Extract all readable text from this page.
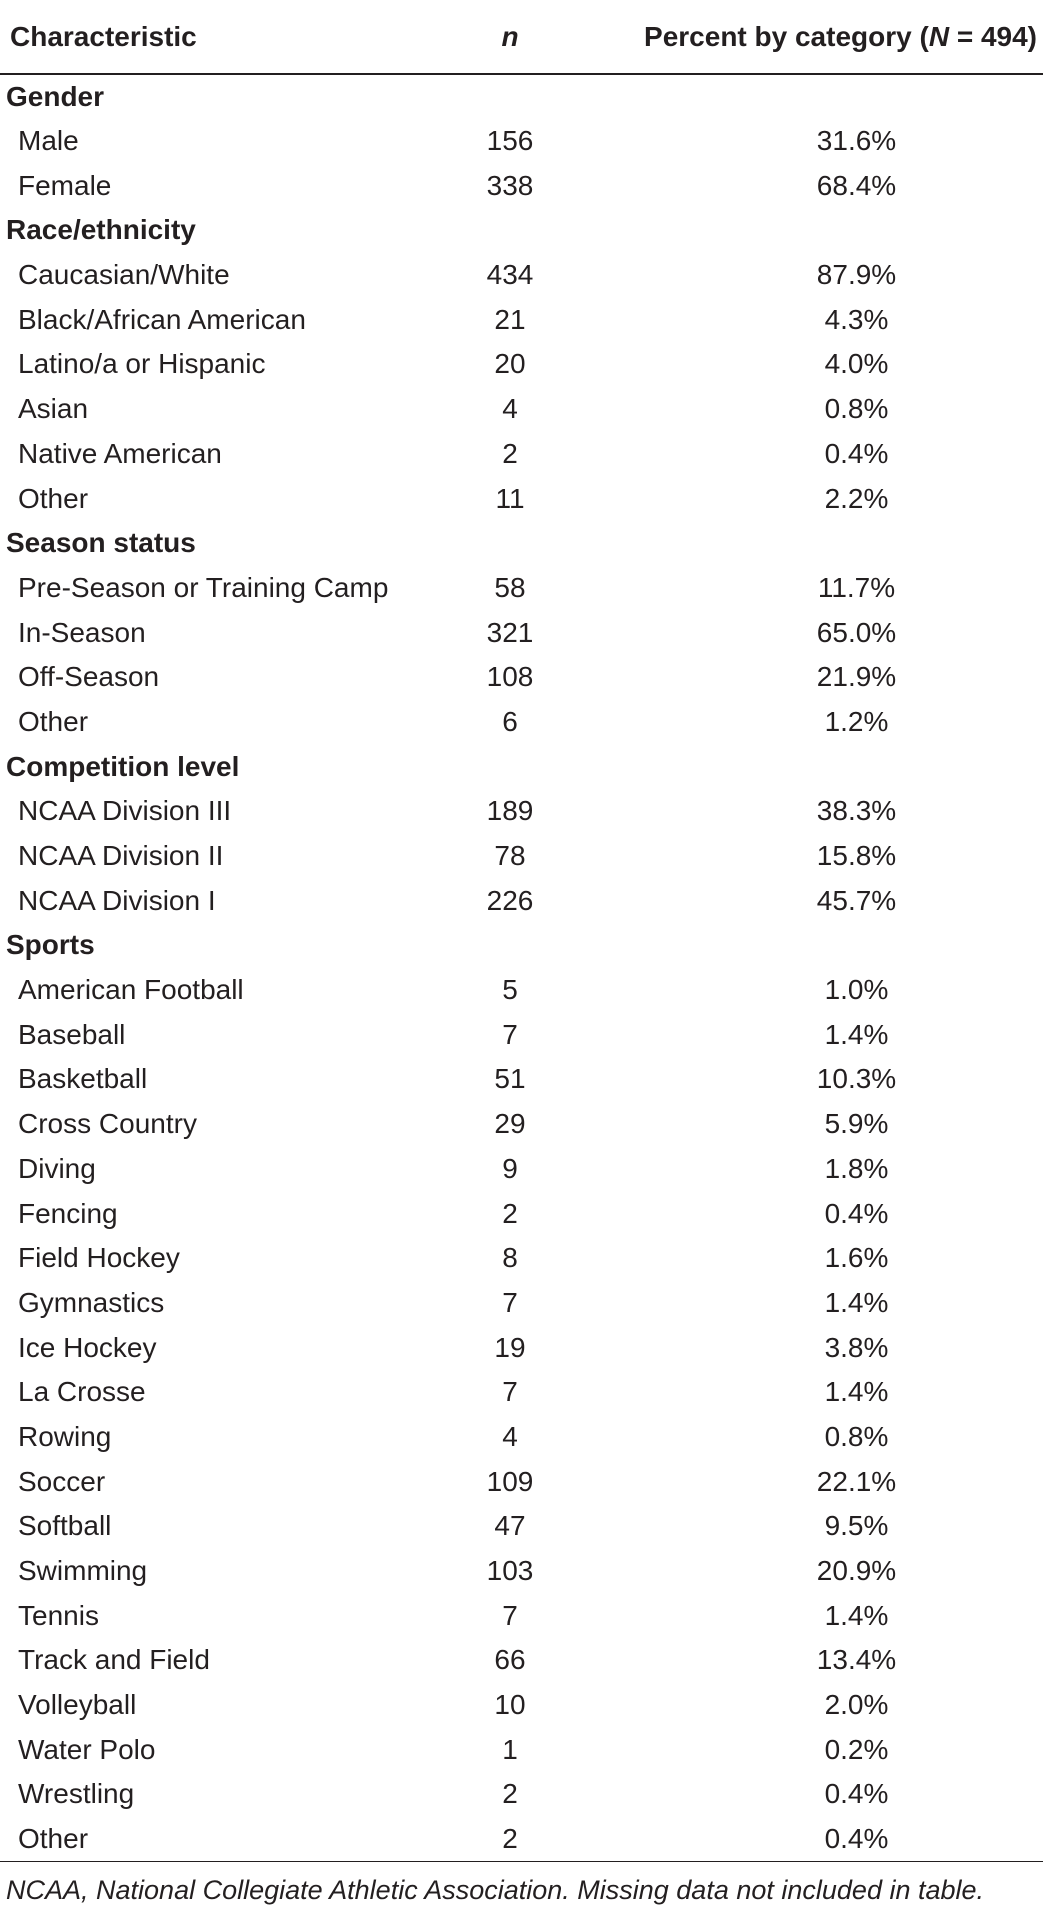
Characteristic	n	Percent by category (N = 494)
Gender		
Male	156	31.6%
Female	338	68.4%
Race/ethnicity		
Caucasian/White	434	87.9%
Black/African American	21	4.3%
Latino/a or Hispanic	20	4.0%
Asian	4	0.8%
Native American	2	0.4%
Other	11	2.2%
Season status		
Pre-Season or Training Camp	58	11.7%
In-Season	321	65.0%
Off-Season	108	21.9%
Other	6	1.2%
Competition level		
NCAA Division III	189	38.3%
NCAA Division II	78	15.8%
NCAA Division I	226	45.7%
Sports		
American Football	5	1.0%
Baseball	7	1.4%
Basketball	51	10.3%
Cross Country	29	5.9%
Diving	9	1.8%
Fencing	2	0.4%
Field Hockey	8	1.6%
Gymnastics	7	1.4%
Ice Hockey	19	3.8%
La Crosse	7	1.4%
Rowing	4	0.8%
Soccer	109	22.1%
Softball	47	9.5%
Swimming	103	20.9%
Tennis	7	1.4%
Track and Field	66	13.4%
Volleyball	10	2.0%
Water Polo	1	0.2%
Wrestling	2	0.4%
Other	2	0.4%
NCAA, National Collegiate Athletic Association. Missing data not included in table.
